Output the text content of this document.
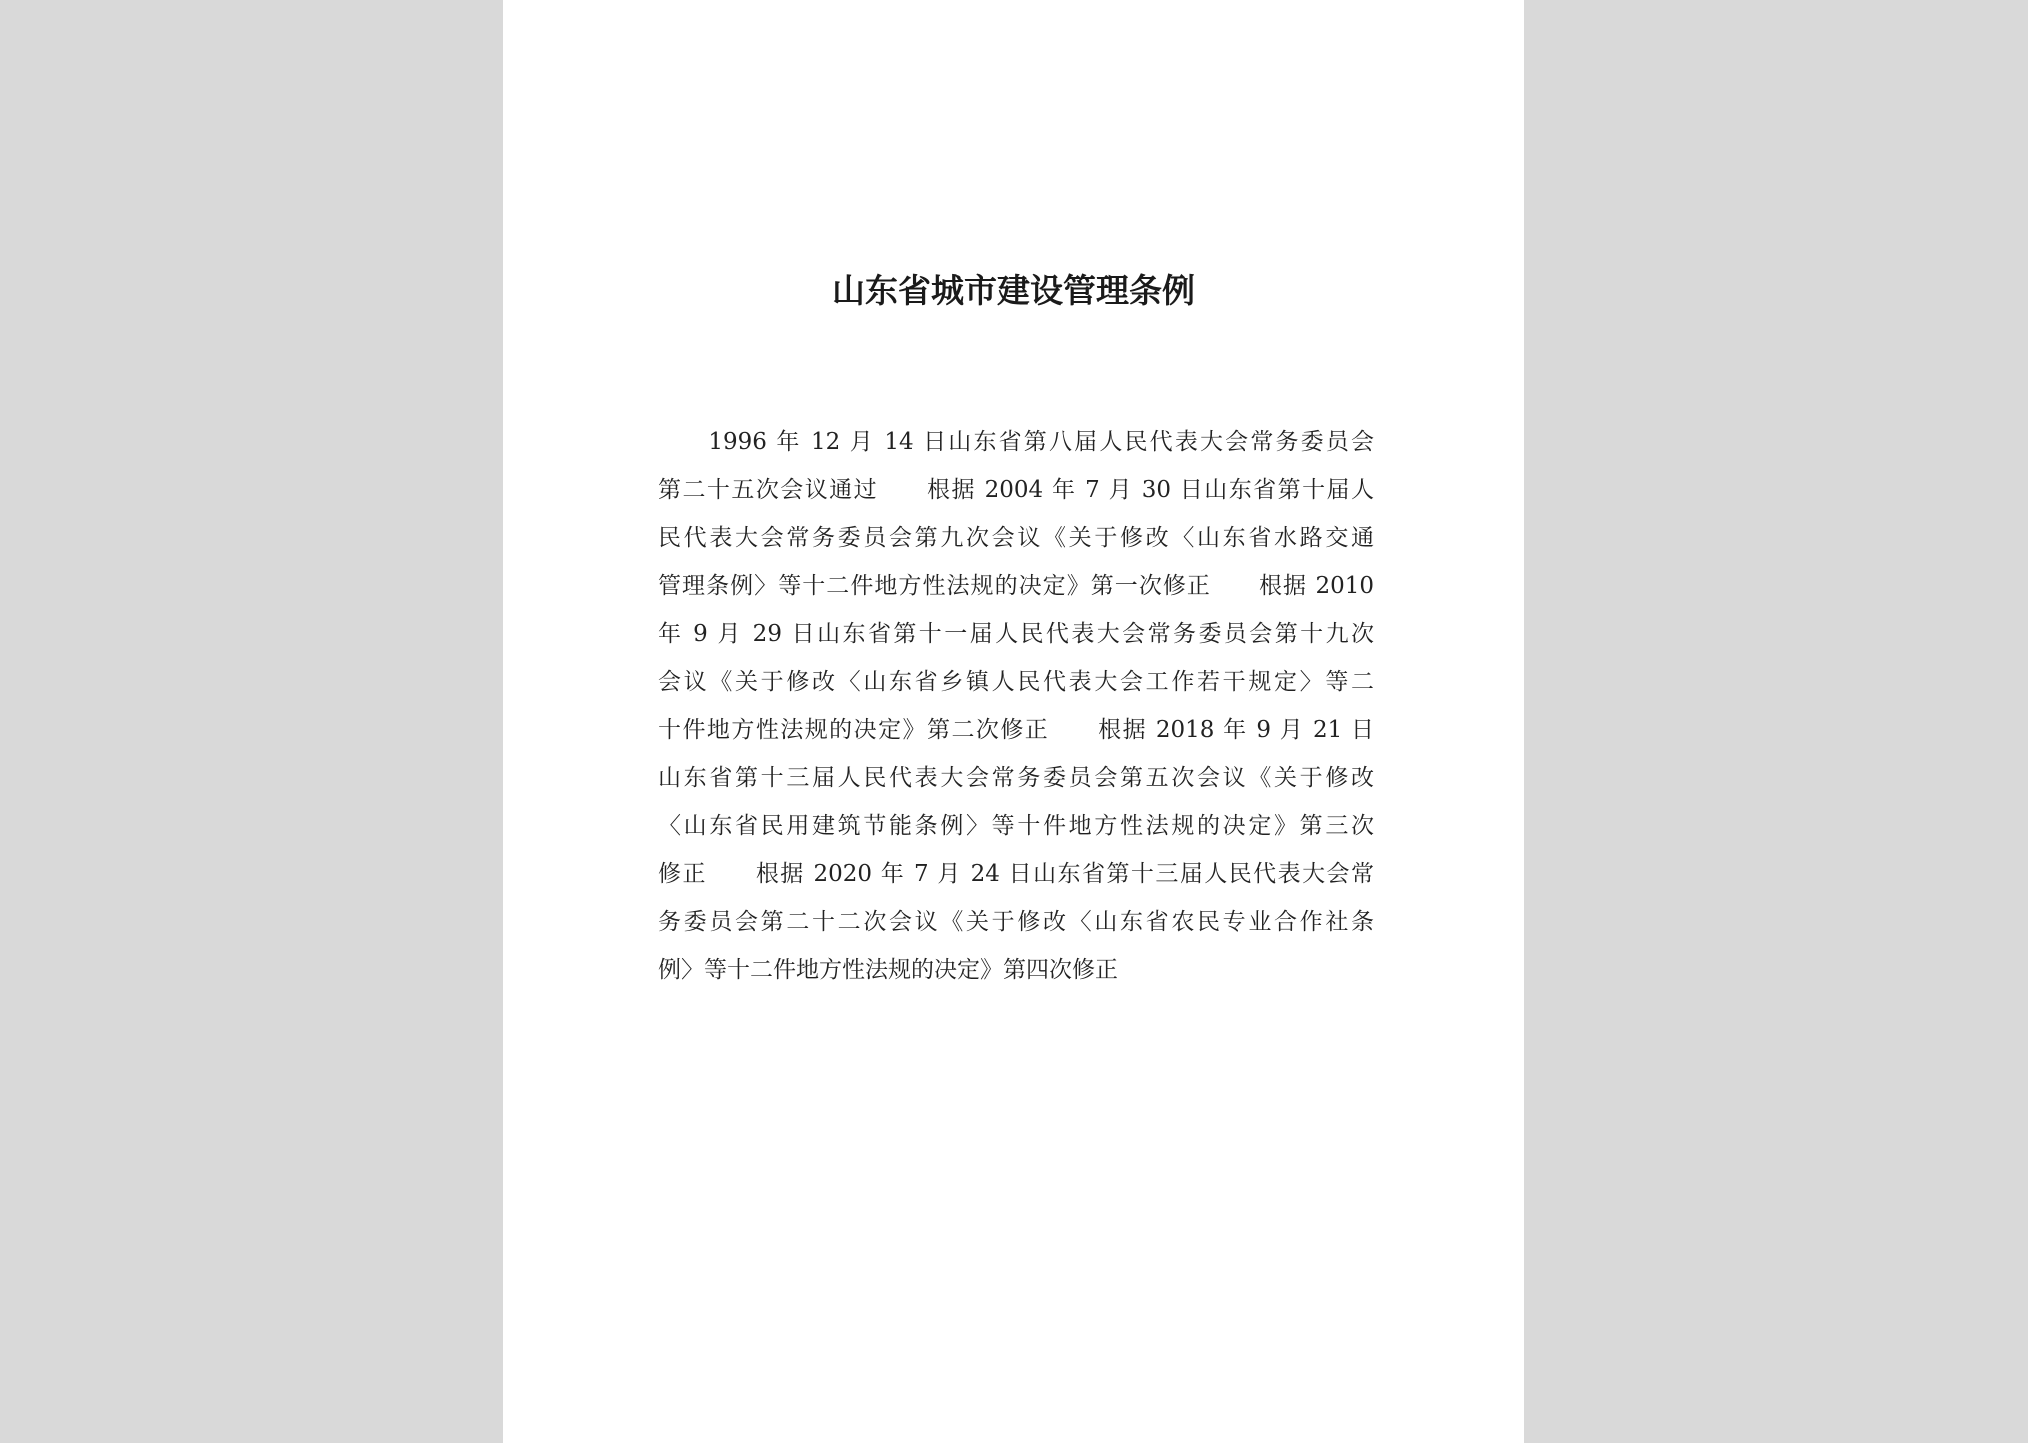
山东省城市建设管理条例
　　1996 年 12 月 14 日山东省第八届人民代表大会常务委员会
第二十五次会议通过　　根据 2004 年 7 月 30 日山东省第十届人
民代表大会常务委员会第九次会议《关于修改〈山东省水路交通
管理条例〉等十二件地方性法规的决定》第一次修正　　根据 2010
年 9 月 29 日山东省第十一届人民代表大会常务委员会第十九次
会议《关于修改〈山东省乡镇人民代表大会工作若干规定〉等二
十件地方性法规的决定》第二次修正　　根据 2018 年 9 月 21 日
山东省第十三届人民代表大会常务委员会第五次会议《关于修改
〈山东省民用建筑节能条例〉等十件地方性法规的决定》第三次
修正　　根据 2020 年 7 月 24 日山东省第十三届人民代表大会常
务委员会第二十二次会议《关于修改〈山东省农民专业合作社条
例〉等十二件地方性法规的决定》第四次修正
